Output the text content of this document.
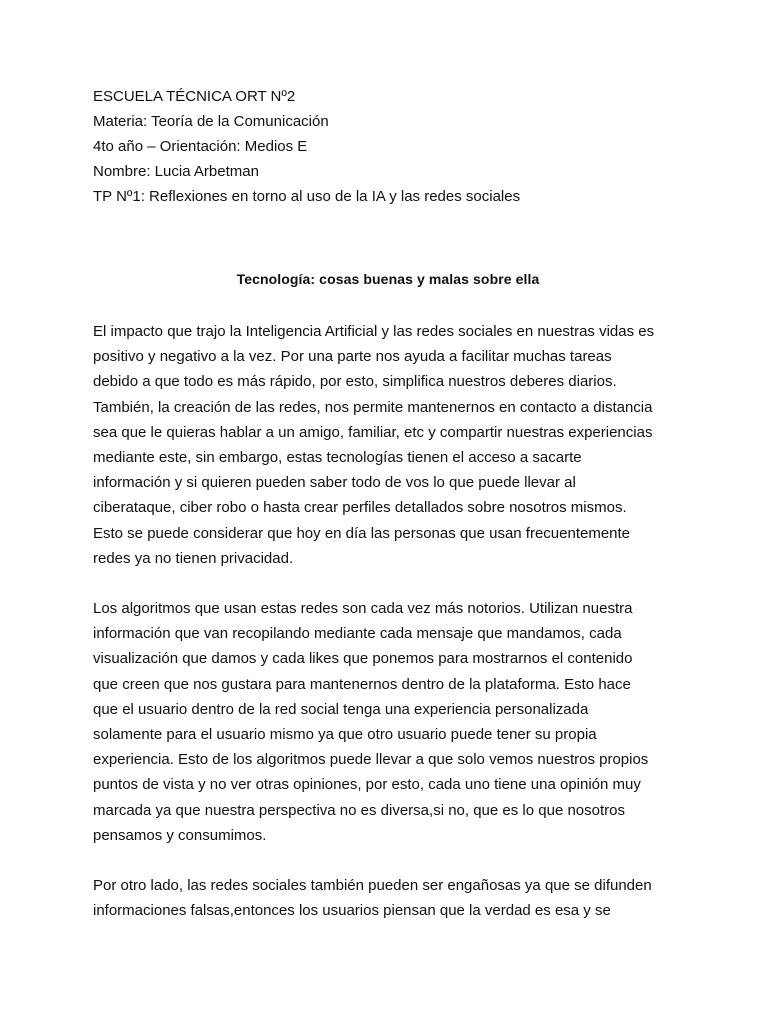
ESCUELA TÉCNICA ORT Nº2

Materia: Teoría de la Comunicación

4to año – Orientación: Medios E

Nombre: Lucia Arbetman

TP Nº1: Reflexiones en torno al uso de la IA y las redes sociales

Tecnología: cosas buenas y malas sobre ella
El impacto que trajo la Inteligencia Artificial y las redes sociales en nuestras vidas es
positivo y negativo a la vez. Por una parte nos ayuda a facilitar muchas tareas
debido a que todo es más rápido, por esto, simplifica nuestros deberes diarios.
También, la creación de las redes, nos permite mantenernos en contacto a distancia
sea que le quieras hablar a un amigo, familiar, etc y compartir nuestras experiencias
mediante este, sin embargo, estas tecnologías tienen el acceso a sacarte
información y si quieren pueden saber todo de vos lo que puede llevar al
ciberataque, ciber robo o hasta crear perfiles detallados sobre nosotros mismos.
Esto se puede considerar que hoy en día las personas que usan frecuentemente
redes ya no tienen privacidad.
Los algoritmos que usan estas redes son cada vez más notorios. Utilizan nuestra
información que van recopilando mediante cada mensaje que mandamos, cada
visualización que damos y cada likes que ponemos para mostrarnos el contenido
que creen que nos gustara para mantenernos dentro de la plataforma. Esto hace
que el usuario dentro de la red social tenga una experiencia personalizada
solamente para el usuario mismo ya que otro usuario puede tener su propia
experiencia. Esto de los algoritmos puede llevar a que solo vemos nuestros propios
puntos de vista y no ver otras opiniones, por esto, cada uno tiene una opinión muy
marcada ya que nuestra perspectiva no es diversa,si no, que es lo que nosotros
pensamos y consumimos.
Por otro lado, las redes sociales también pueden ser engañosas ya que se difunden
informaciones falsas,entonces los usuarios piensan que la verdad es esa y se
